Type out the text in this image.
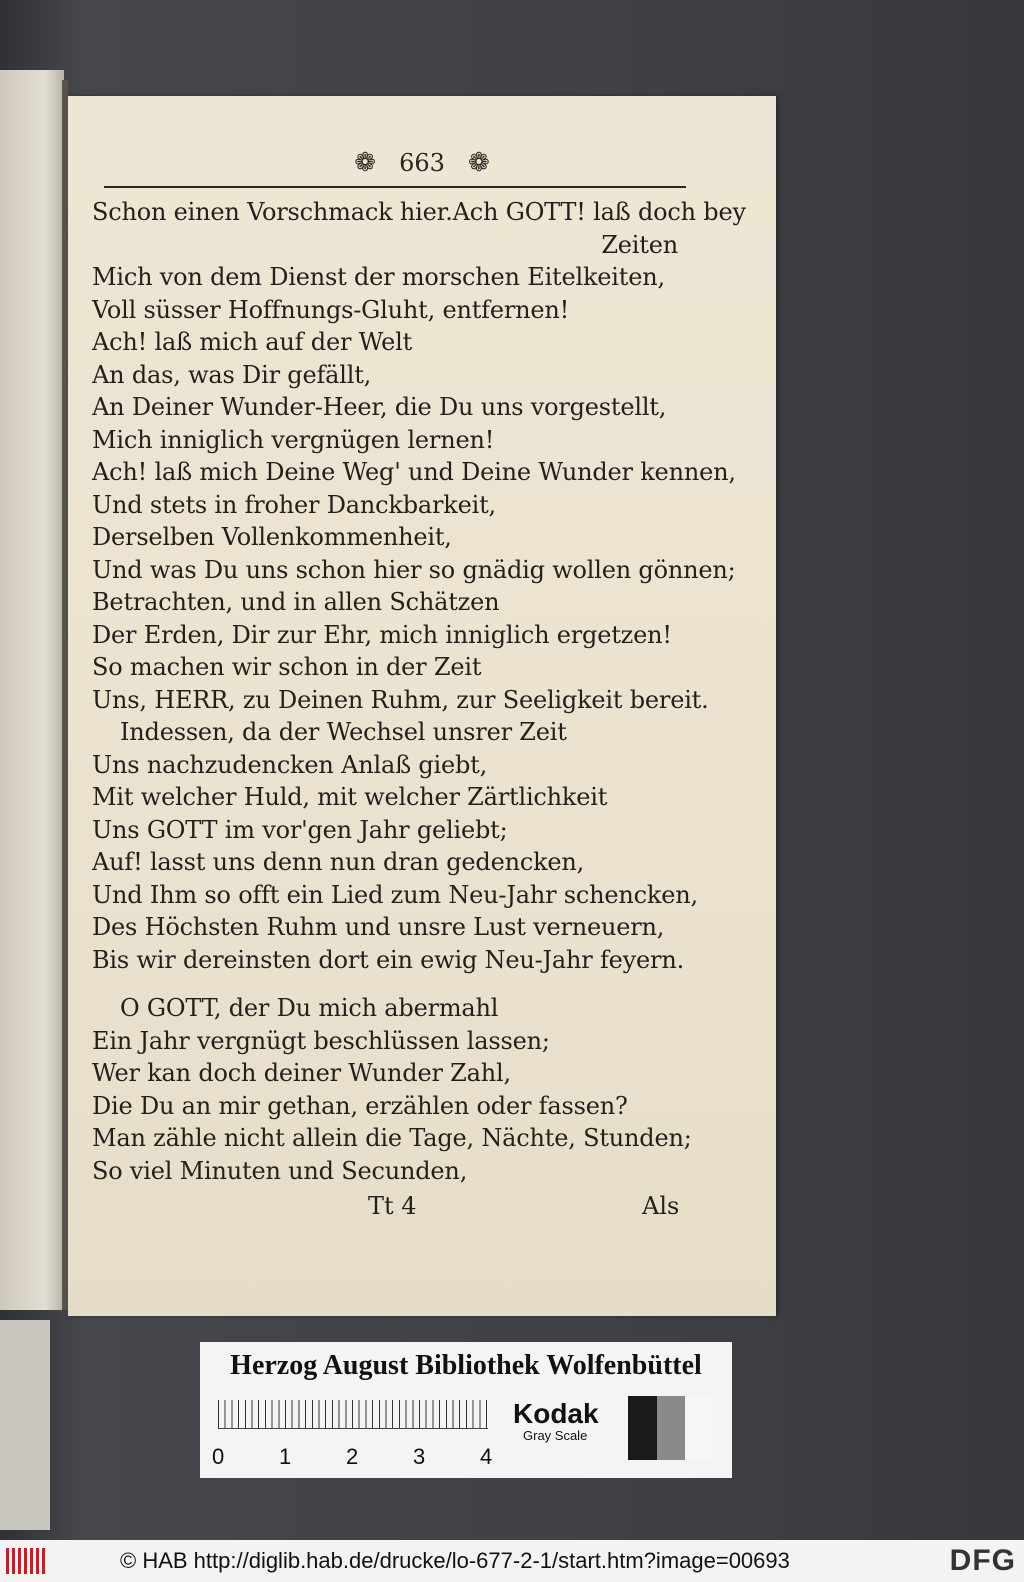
❁ 663 ❁
Schon einen Vorschmack hier. Ach GOTT! laß doch bey
Zeiten
Mich von dem Dienst der morschen Eitelkeiten,
Voll süsser Hoffnungs-Gluht, entfernen!
Ach! laß mich auf der Welt
An das, was Dir gefällt,
An Deiner Wunder-Heer, die Du uns vorgestellt,
Mich inniglich vergnügen lernen!
Ach! laß mich Deine Weg' und Deine Wunder kennen,
Und stets in froher Danckbarkeit,
Derselben Vollenkommenheit,
Und was Du uns schon hier so gnädig wollen gönnen;
Betrachten, und in allen Schätzen
Der Erden, Dir zur Ehr, mich inniglich ergetzen!
So machen wir schon in der Zeit
Uns, HERR, zu Deinen Ruhm, zur Seeligkeit bereit.
Indessen, da der Wechsel unsrer Zeit
Uns nachzudencken Anlaß giebt,
Mit welcher Huld, mit welcher Zärtlichkeit
Uns GOTT im vor'gen Jahr geliebt;
Auf! lasst uns denn nun dran gedencken,
Und Ihm so offt ein Lied zum Neu-Jahr schencken,
Des Höchsten Ruhm und unsre Lust verneuern,
Bis wir dereinsten dort ein ewig Neu-Jahr feyern.
O GOTT, der Du mich abermahl
Ein Jahr vergnügt beschlüssen lassen;
Wer kan doch deiner Wunder Zahl,
Die Du an mir gethan, erzählen oder fassen?
Man zähle nicht allein die Tage, Nächte, Stunden;
So viel Minuten und Secunden,
Tt 4	Als
Herzog August Bibliothek Wolfenbüttel
0 1 2 3 4
Kodak
Gray Scale
© HAB http://diglib.hab.de/drucke/lo-677-2-1/start.htm?image=00693	DFG
